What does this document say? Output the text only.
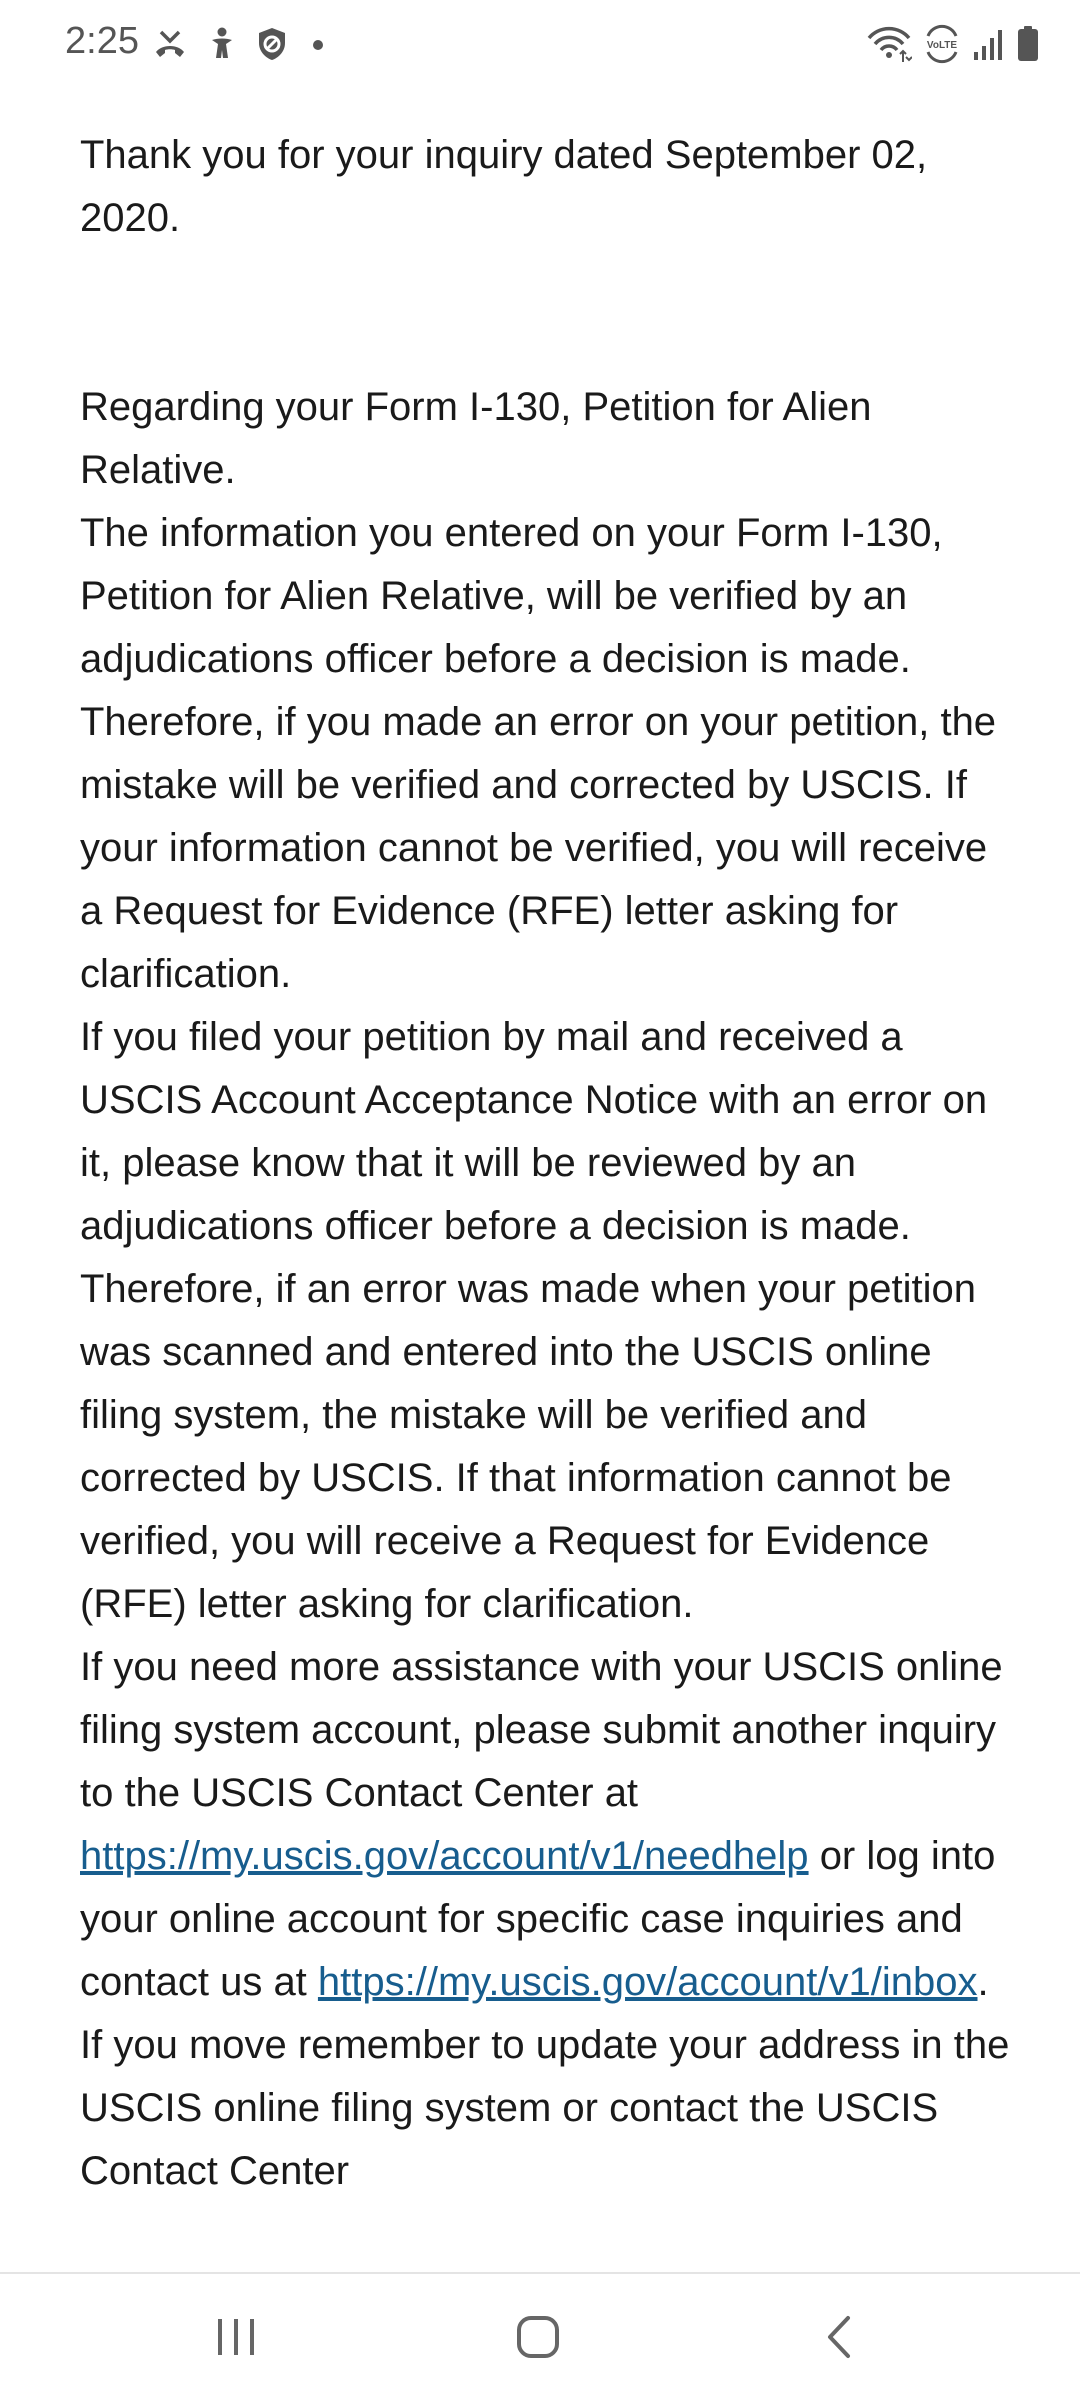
2:25	VoLTE

Thank you for your inquiry dated September 02, 2020.

Regarding your Form I-130, Petition for Alien Relative.

The information you entered on your Form I-130, Petition for Alien Relative, will be verified by an adjudications officer before a decision is made. Therefore, if you made an error on your petition, the mistake will be verified and corrected by USCIS. If your information cannot be verified, you will receive a Request for Evidence (RFE) letter asking for clarification.

If you filed your petition by mail and received a USCIS Account Acceptance Notice with an error on it, please know that it will be reviewed by an adjudications officer before a decision is made. Therefore, if an error was made when your petition was scanned and entered into the USCIS online filing system, the mistake will be verified and corrected by USCIS. If that information cannot be verified, you will receive a Request for Evidence (RFE) letter asking for clarification.

If you need more assistance with your USCIS online filing system account, please submit another inquiry to the USCIS Contact Center at https://my.uscis.gov/account/v1/needhelp or log into your online account for specific case inquiries and contact us at https://my.uscis.gov/account/v1/inbox.

If you move remember to update your address in the USCIS online filing system or contact the USCIS Contact Center
